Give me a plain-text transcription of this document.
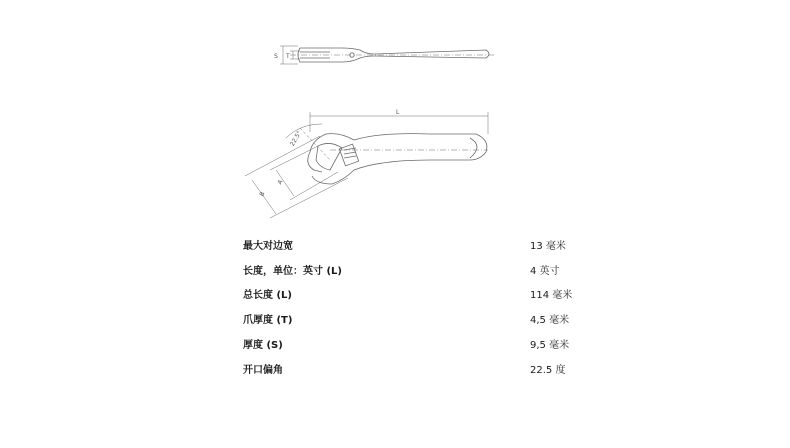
S T
L
22.5°
A
B
最大对边宽	13 毫米
长度，单位：英寸 (L)	4 英寸
总长度 (L)	114 毫米
爪厚度 (T)	4,5 毫米
厚度 (S)	9,5 毫米
开口偏角	22.5 度
